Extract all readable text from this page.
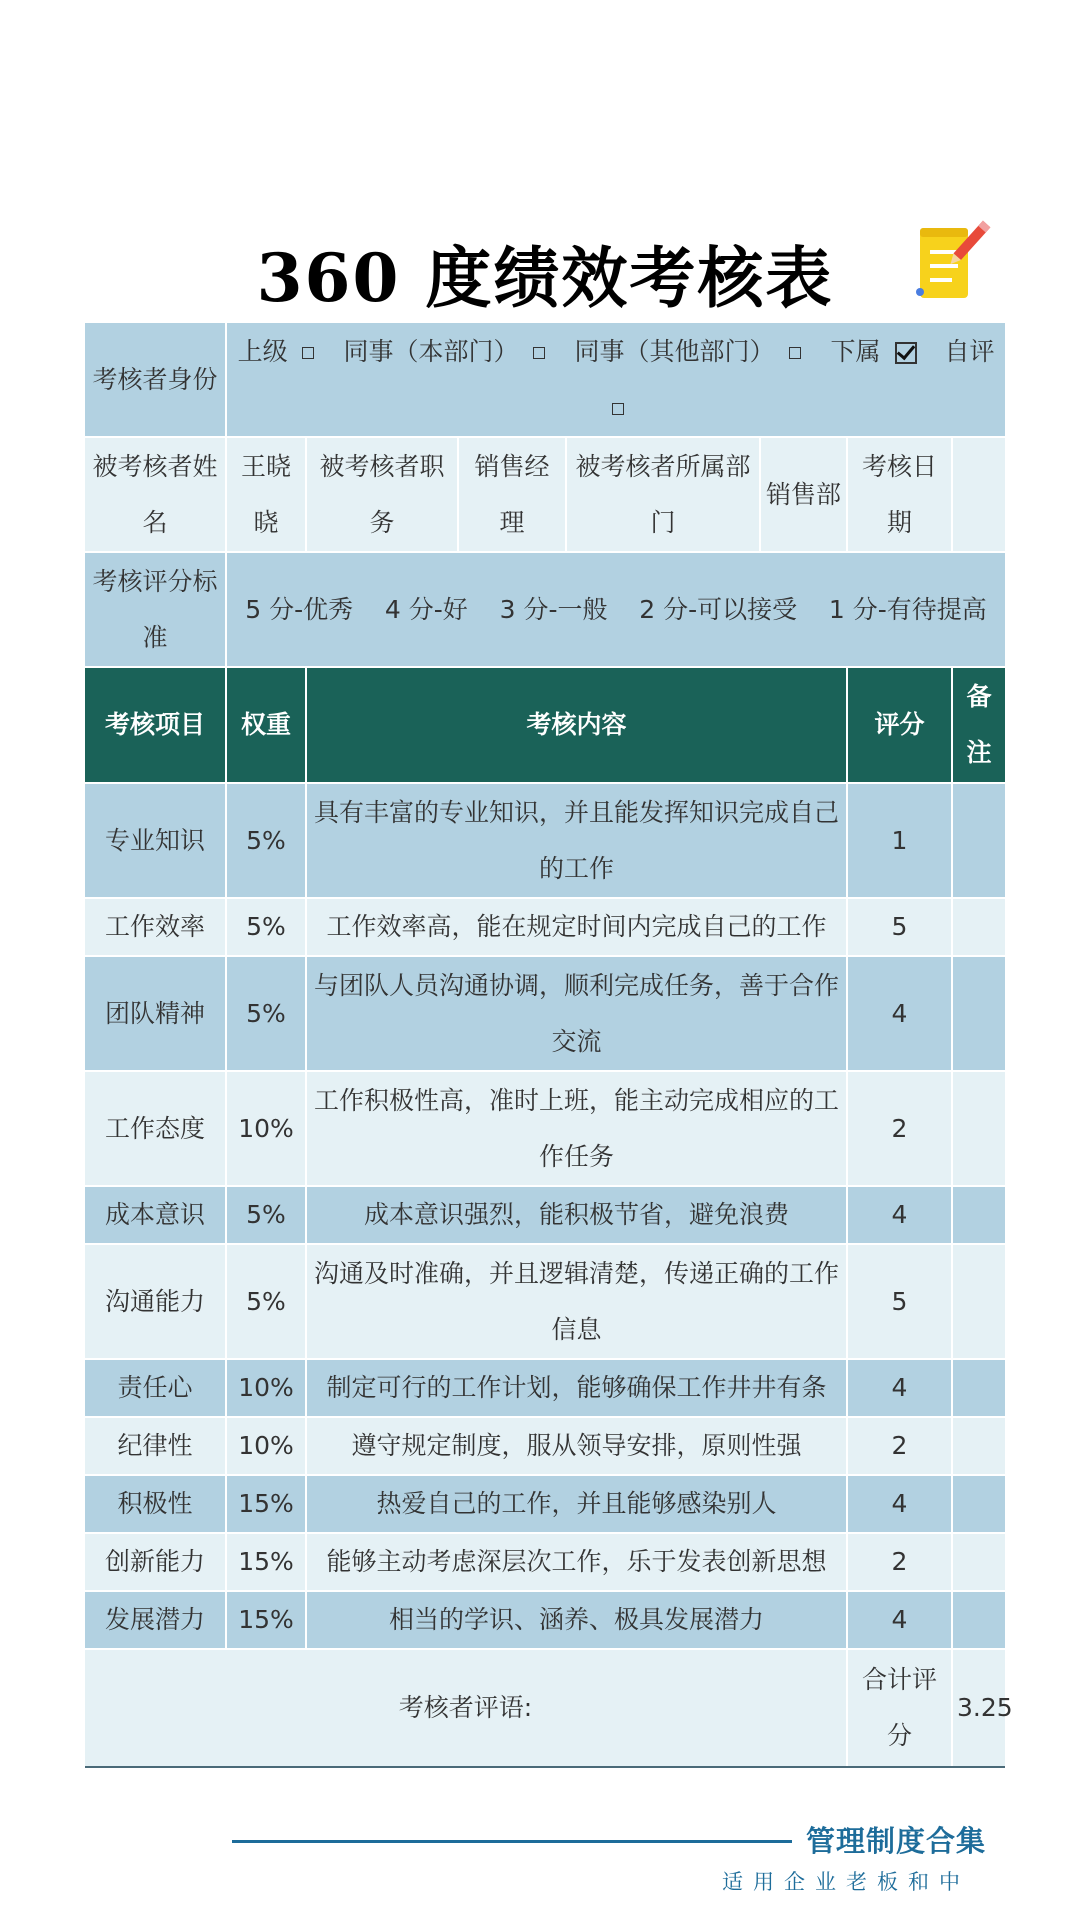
360 度绩效考核表
考核者身份	上级 同事（本部门） 同事（其他部门） 下属 自评						
被考核者姓名	王晓晓	被考核者职务	销售经理	被考核者所属部门	销售部	考核日期	
考核评分标准	5 分-优秀    4 分-好    3 分-一般    2 分-可以接受    1 分-有待提高						
考核项目	权重	考核内容				评分	备注
专业知识	5%	具有丰富的专业知识，并且能发挥知识完成自己的工作				1	
工作效率	5%	工作效率高，能在规定时间内完成自己的工作				5	
团队精神	5%	与团队人员沟通协调，顺利完成任务，善于合作交流				4	
工作态度	10%	工作积极性高，准时上班，能主动完成相应的工作任务				2	
成本意识	5%	成本意识强烈，能积极节省，避免浪费				4	
沟通能力	5%	沟通及时准确，并且逻辑清楚，传递正确的工作信息				5	
责任心	10%	制定可行的工作计划，能够确保工作井井有条				4	
纪律性	10%	遵守规定制度，服从领导安排，原则性强				2	
积极性	15%	热爱自己的工作，并且能够感染别人				4	
创新能力	15%	能够主动考虑深层次工作，乐于发表创新思想				2	
发展潜力	15%	相当的学识、涵养、极具发展潜力				4	
考核者评语:						合计评分	3.25
管理制度合集
适用企业老板和中
